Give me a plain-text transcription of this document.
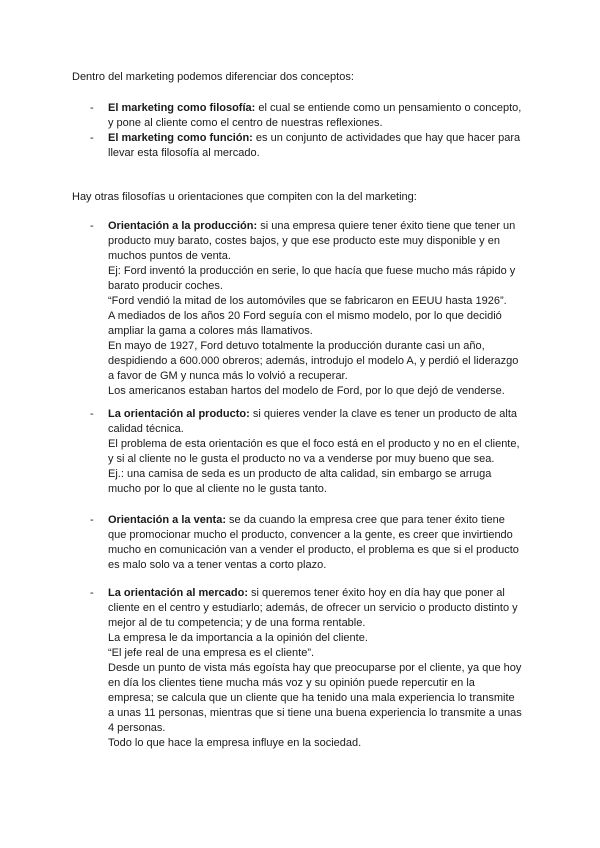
Dentro del marketing podemos diferenciar dos conceptos:

-	El marketing como filosofía: el cual se entiende como un pensamiento o concepto,

y pone al cliente como el centro de nuestras reflexiones.

-	El marketing como función: es un conjunto de actividades que hay que hacer para

llevar esta filosofía al mercado.

Hay otras filosofías u orientaciones que compiten con la del marketing:

-	Orientación a la producción: si una empresa quiere tener éxito tiene que tener un

producto muy barato, costes bajos, y que ese producto este muy disponible y en

muchos puntos de venta.

Ej: Ford inventó la producción en serie, lo que hacía que fuese mucho más rápido y

barato producir coches.

“Ford vendió la mitad de los automóviles que se fabricaron en EEUU hasta 1926”.

A mediados de los años 20 Ford seguía con el mismo modelo, por lo que decidió

ampliar la gama a colores más llamativos.

En mayo de 1927, Ford detuvo totalmente la producción durante casi un año,

despidiendo a 600.000 obreros; además, introdujo el modelo A, y perdió el liderazgo

a favor de GM y nunca más lo volvió a recuperar.

Los americanos estaban hartos del modelo de Ford, por lo que dejó de venderse.

-	La orientación al producto: si quieres vender la clave es tener un producto de alta

calidad técnica.

El problema de esta orientación es que el foco está en el producto y no en el cliente,

y si al cliente no le gusta el producto no va a venderse por muy bueno que sea.

Ej.: una camisa de seda es un producto de alta calidad, sin embargo se arruga

mucho por lo que al cliente no le gusta tanto.

-	Orientación a la venta: se da cuando la empresa cree que para tener éxito tiene

que promocionar mucho el producto, convencer a la gente, es creer que invirtiendo

mucho en comunicación van a vender el producto, el problema es que si el producto

es malo solo va a tener ventas a corto plazo.

-	La orientación al mercado: si queremos tener éxito hoy en día hay que poner al

cliente en el centro y estudiarlo; además, de ofrecer un servicio o producto distinto y

mejor al de tu competencia; y de una forma rentable.

La empresa le da importancia a la opinión del cliente.

“El jefe real de una empresa es el cliente”.

Desde un punto de vista más egoísta hay que preocuparse por el cliente, ya que hoy

en día los clientes tiene mucha más voz y su opinión puede repercutir en la

empresa; se calcula que un cliente que ha tenido una mala experiencia lo transmite

a unas 11 personas, mientras que si tiene una buena experiencia lo transmite a unas

4 personas.

Todo lo que hace la empresa influye en la sociedad.
